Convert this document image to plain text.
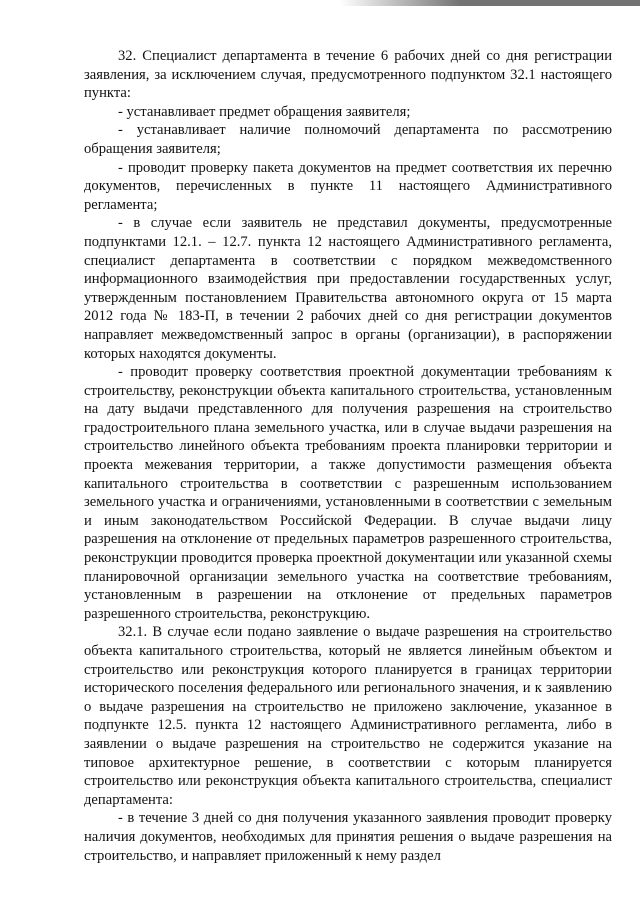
32. Специалист департамента в течение 6 рабочих дней со дня регистрации заявления, за исключением случая, предусмотренного подпунктом 32.1 настоящего пункта:

- устанавливает предмет обращения заявителя;

- устанавливает наличие полномочий департамента по рассмотрению обращения заявителя;

- проводит проверку пакета документов на предмет соответствия их перечню документов, перечисленных в пункте 11 настоящего Административного регламента;

- в случае если заявитель не представил документы, предусмотренные подпунктами 12.1. – 12.7. пункта 12 настоящего Административного регламента, специалист департамента в соответствии с порядком межведомственного информационного взаимодействия при предоставлении государственных услуг, утвержденным постановлением Правительства автономного округа от 15 марта 2012 года № 183-П, в течении 2 рабочих дней со дня регистрации документов направляет межведомственный запрос в органы (организации), в распоряжении которых находятся документы.

- проводит проверку соответствия проектной документации требованиям к строительству, реконструкции объекта капитального строительства, установленным на дату выдачи представленного для получения разрешения на строительство градостроительного плана земельного участка, или в случае выдачи разрешения на строительство линейного объекта требованиям проекта планировки территории и проекта межевания территории, а также допустимости размещения объекта капитального строительства в соответствии с разрешенным использованием земельного участка и ограничениями, установленными в соответствии с земельным и иным законодательством Российской Федерации. В случае выдачи лицу разрешения на отклонение от предельных параметров разрешенного строительства, реконструкции проводится проверка проектной документации или указанной схемы планировочной организации земельного участка на соответствие требованиям, установленным в разрешении на отклонение от предельных параметров разрешенного строительства, реконструкцию.

32.1. В случае если подано заявление о выдаче разрешения на строительство объекта капитального строительства, который не является линейным объектом и строительство или реконструкция которого планируется в границах территории исторического поселения федерального или регионального значения, и к заявлению о выдаче разрешения на строительство не приложено заключение, указанное в подпункте 12.5. пункта 12 настоящего Административного регламента, либо в заявлении о выдаче разрешения на строительство не содержится указание на типовое архитектурное решение, в соответствии с которым планируется строительство или реконструкция объекта капитального строительства, специалист департамента:

- в течение 3 дней со дня получения указанного заявления проводит проверку наличия документов, необходимых для принятия решения о выдаче разрешения на строительство, и направляет приложенный к нему раздел
